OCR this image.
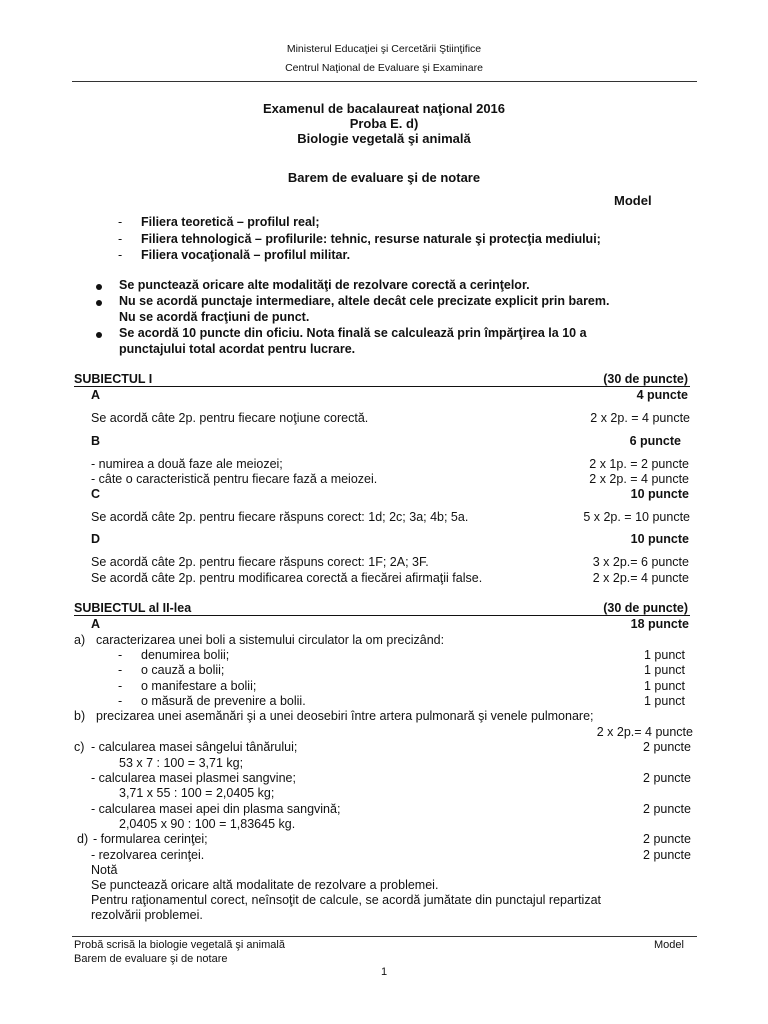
Ministerul Educaţiei şi Cercetării Ştiinţifice
Centrul Naţional de Evaluare şi Examinare
Examenul de bacalaureat naţional 2016
Proba E. d)
Biologie vegetală şi animală
Barem de evaluare şi de notare
Model
- Filiera teoretică – profilul real;
- Filiera tehnologică – profilurile: tehnic, resurse naturale şi protecţia mediului;
- Filiera vocaţională – profilul militar.
Se punctează oricare alte modalităţi de rezolvare corectă a cerinţelor.
Nu se acordă punctaje intermediare, altele decât cele precizate explicit prin barem.
Nu se acordă fracţiuni de punct.
Se acordă 10 puncte din oficiu. Nota finală se calculează prin împărţirea la 10 a
punctajului total acordat pentru lucrare.
SUBIECTUL I	(30 de puncte)
A	4 puncte
Se acordă câte 2p. pentru fiecare noţiune corectă.	2 x 2p. = 4 puncte
B	6 puncte
- numirea a două faze ale meiozei;	2 x 1p. = 2 puncte
- câte o caracteristică pentru fiecare fază a meiozei.	2 x 2p. = 4 puncte
C	10 puncte
Se acordă câte 2p. pentru fiecare răspuns corect: 1d; 2c; 3a; 4b; 5a.	5 x 2p. = 10 puncte
D	10 puncte
Se acordă câte 2p. pentru fiecare răspuns corect: 1F; 2A; 3F.	3 x 2p.= 6 puncte
Se acordă câte 2p. pentru modificarea corectă a fiecărei afirmaţii false.	2 x 2p.= 4 puncte
SUBIECTUL al II-lea	(30 de puncte)
A	18 puncte
a) caracterizarea unei boli a sistemului circulator la om precizând:
- denumirea bolii;	1 punct
- o cauză a bolii;	1 punct
- o manifestare a bolii;	1 punct
- o măsură de prevenire a bolii.	1 punct
b) precizarea unei asemănări şi a unei deosebiri între artera pulmonară şi venele pulmonare;
2 x 2p.= 4 puncte
c) - calcularea masei sângelui tânărului;	2 puncte
53 x 7 : 100 = 3,71 kg;
- calcularea masei plasmei sangvine;	2 puncte
3,71 x 55 : 100 = 2,0405 kg;
- calcularea masei apei din plasma sangvină;	2 puncte
2,0405 x 90 : 100 = 1,83645 kg.
d) - formularea cerinţei;	2 puncte
- rezolvarea cerinţei.	2 puncte
Notă
Se punctează oricare altă modalitate de rezolvare a problemei.
Pentru raţionamentul corect, neînsoţit de calcule, se acordă jumătate din punctajul repartizat
rezolvării problemei.
Probă scrisă la biologie vegetală şi animală	Model
Barem de evaluare şi de notare
1
